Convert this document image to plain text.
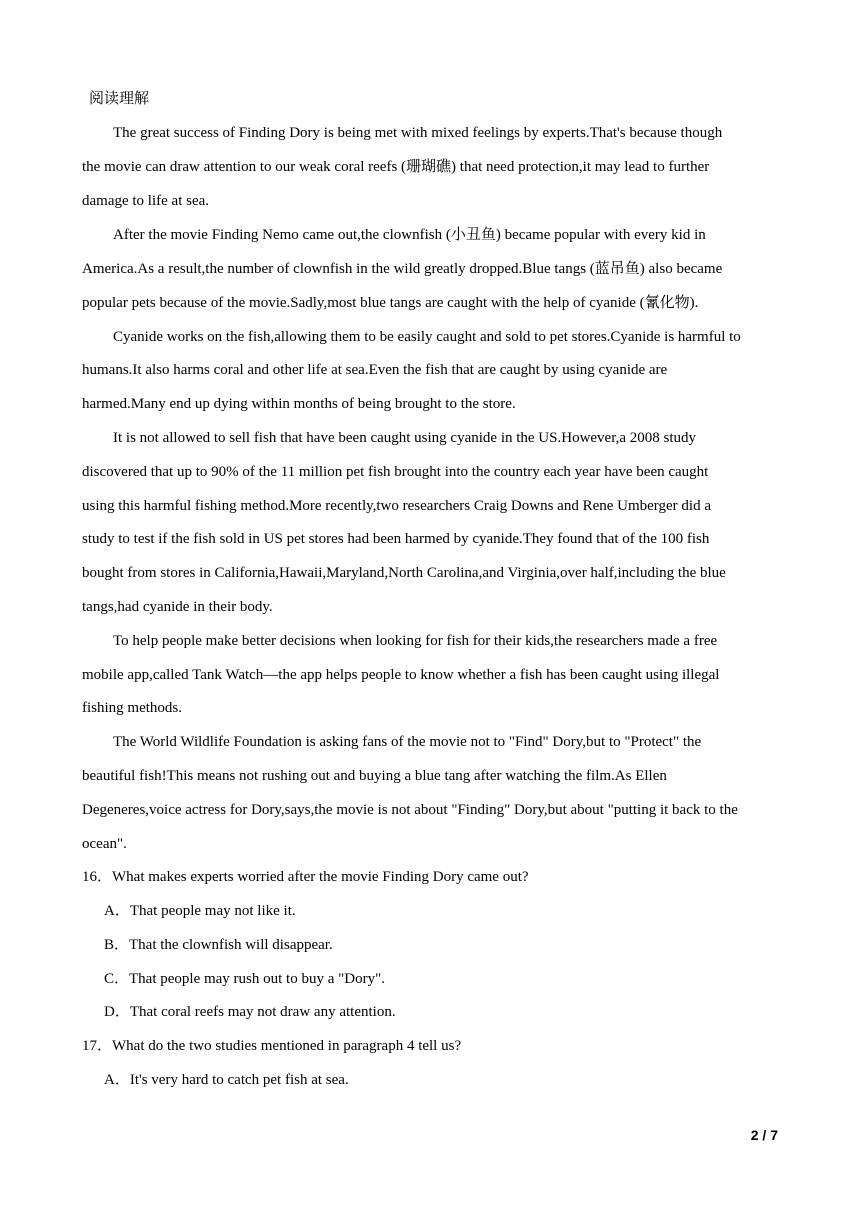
阅读理解
The great success of Finding Dory is being met with mixed feelings by experts.That's because though
the movie can draw attention to our weak coral reefs (珊瑚礁) that need protection,it may lead to further
damage to life at sea.
After the movie Finding Nemo came out,the clownfish (小丑鱼) became popular with every kid in
America.As a result,the number of clownfish in the wild greatly dropped.Blue tangs (蓝吊鱼) also became
popular pets because of the movie.Sadly,most blue tangs are caught with the help of cyanide (氰化物).
Cyanide works on the fish,allowing them to be easily caught and sold to pet stores.Cyanide is harmful to
humans.It also harms coral and other life at sea.Even the fish that are caught by using cyanide are
harmed.Many end up dying within months of being brought to the store.
It is not allowed to sell fish that have been caught using cyanide in the US.However,a 2008 study
discovered that up to 90% of the 11 million pet fish brought into the country each year have been caught
using this harmful fishing method.More recently,two researchers Craig Downs and Rene Umberger did a
study to test if the fish sold in US pet stores had been harmed by cyanide.They found that of the 100 fish
bought from stores in California,Hawaii,Maryland,North Carolina,and Virginia,over half,including the blue
tangs,had cyanide in their body.
To help people make better decisions when looking for fish for their kids,the researchers made a free
mobile app,called Tank Watch—the app helps people to know whether a fish has been caught using illegal
fishing methods.
The World Wildlife Foundation is asking fans of the movie not to "Find" Dory,but to "Protect" the
beautiful fish!This means not rushing out and buying a blue tang after watching the film.As Ellen
Degeneres,voice actress for Dory,says,the movie is not about "Finding" Dory,but about "putting it back to the
ocean".
16．What makes experts worried after the movie Finding Dory came out?
A．That people may not like it.
B．That the clownfish will disappear.
C．That people may rush out to buy a "Dory".
D．That coral reefs may not draw any attention.
17．What do the two studies mentioned in paragraph 4 tell us?
A．It's very hard to catch pet fish at sea.
2 / 7
